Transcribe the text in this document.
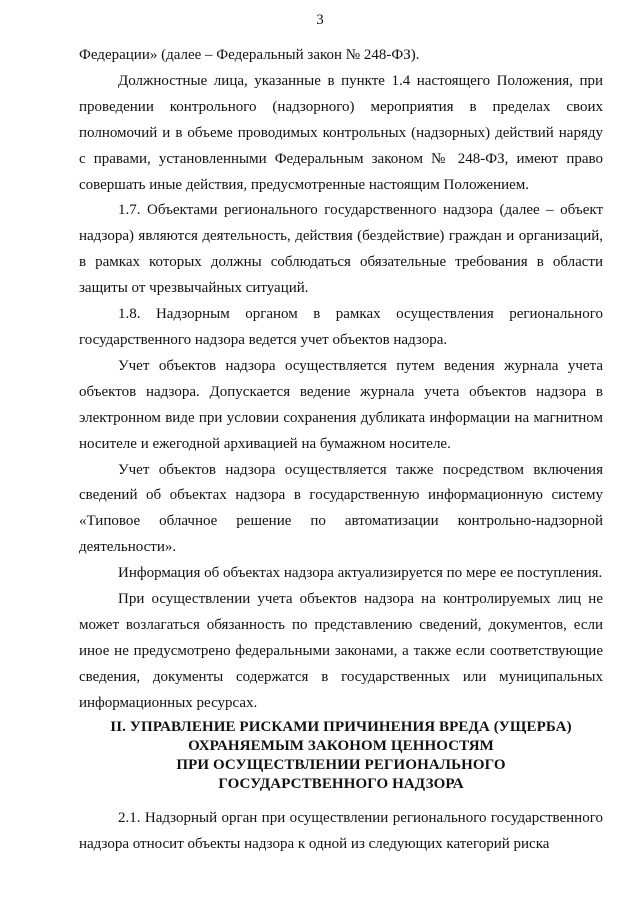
3

Федерации» (далее – Федеральный закон № 248-ФЗ).

Должностные лица, указанные в пункте 1.4 настоящего Положения, при проведении контрольного (надзорного) мероприятия в пределах своих полномочий и в объеме проводимых контрольных (надзорных) действий наряду с правами, установленными Федеральным законом № 248-ФЗ, имеют право совершать иные действия, предусмотренные настоящим Положением.

1.7. Объектами регионального государственного надзора (далее – объект надзора) являются деятельность, действия (бездействие) граждан и организаций, в рамках которых должны соблюдаться обязательные требования в области защиты от чрезвычайных ситуаций.

1.8. Надзорным органом в рамках осуществления регионального государственного надзора ведется учет объектов надзора.

Учет объектов надзора осуществляется путем ведения журнала учета объектов надзора. Допускается ведение журнала учета объектов надзора в электронном виде при условии сохранения дубликата информации на магнитном носителе и ежегодной архивацией на бумажном носителе.

Учет объектов надзора осуществляется также посредством включения сведений об объектах надзора в государственную информационную систему «Типовое облачное решение по автоматизации контрольно-надзорной деятельности».

Информация об объектах надзора актуализируется по мере ее поступления.

При осуществлении учета объектов надзора на контролируемых лиц не может возлагаться обязанность по представлению сведений, документов, если иное не предусмотрено федеральными законами, а также если соответствующие сведения, документы содержатся в государственных или муниципальных информационных ресурсах.

II. УПРАВЛЕНИЕ РИСКАМИ ПРИЧИНЕНИЯ ВРЕДА (УЩЕРБА)
ОХРАНЯЕМЫМ ЗАКОНОМ ЦЕННОСТЯМ
ПРИ ОСУЩЕСТВЛЕНИИ РЕГИОНАЛЬНОГО
ГОСУДАРСТВЕННОГО НАДЗОРА

2.1. Надзорный орган при осуществлении регионального государственного надзора относит объекты надзора к одной из следующих категорий риска
